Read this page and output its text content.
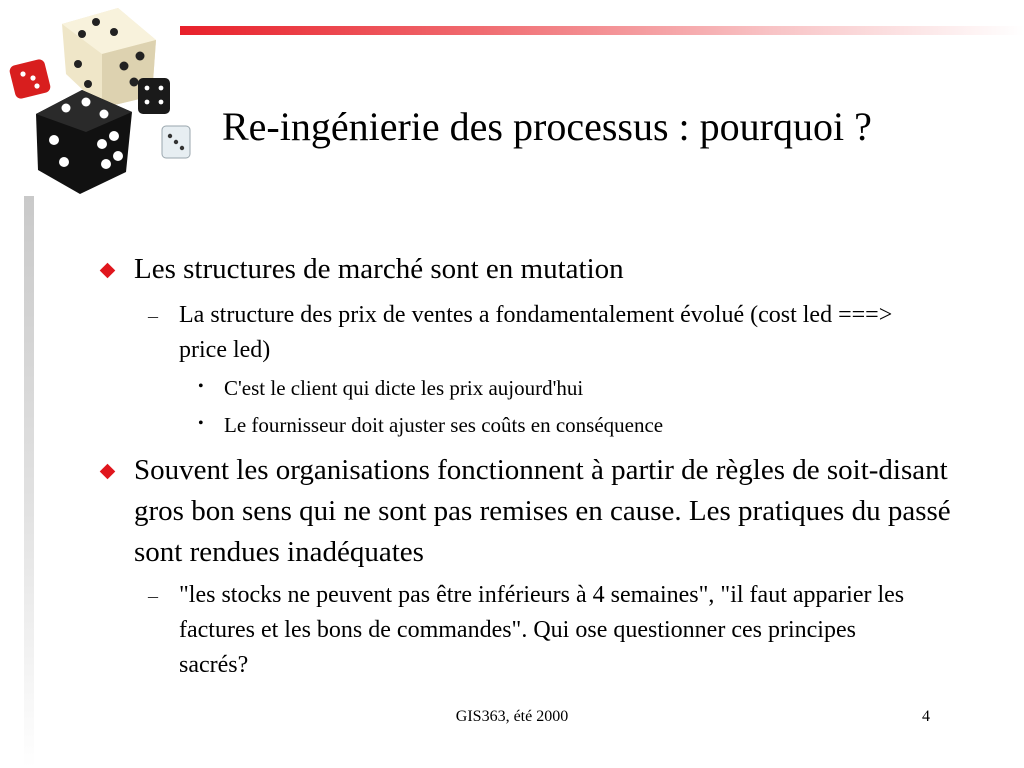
Re-ingénierie des processus : pourquoi ?
Les structures de marché sont en mutation
– La structure des prix de ventes a fondamentalement évolué (cost led ===> price led)
• C'est le client qui dicte les prix aujourd'hui
• Le fournisseur doit ajuster ses coûts en conséquence
Souvent les organisations fonctionnent à partir de règles de soit-disant gros bon sens qui ne sont pas remises en cause. Les pratiques du passé sont rendues inadéquates
– "les stocks ne peuvent pas être inférieurs à 4 semaines", "il faut apparier les factures et les bons de commandes". Qui ose questionner ces principes sacrés?
GIS363, été 2000	4
